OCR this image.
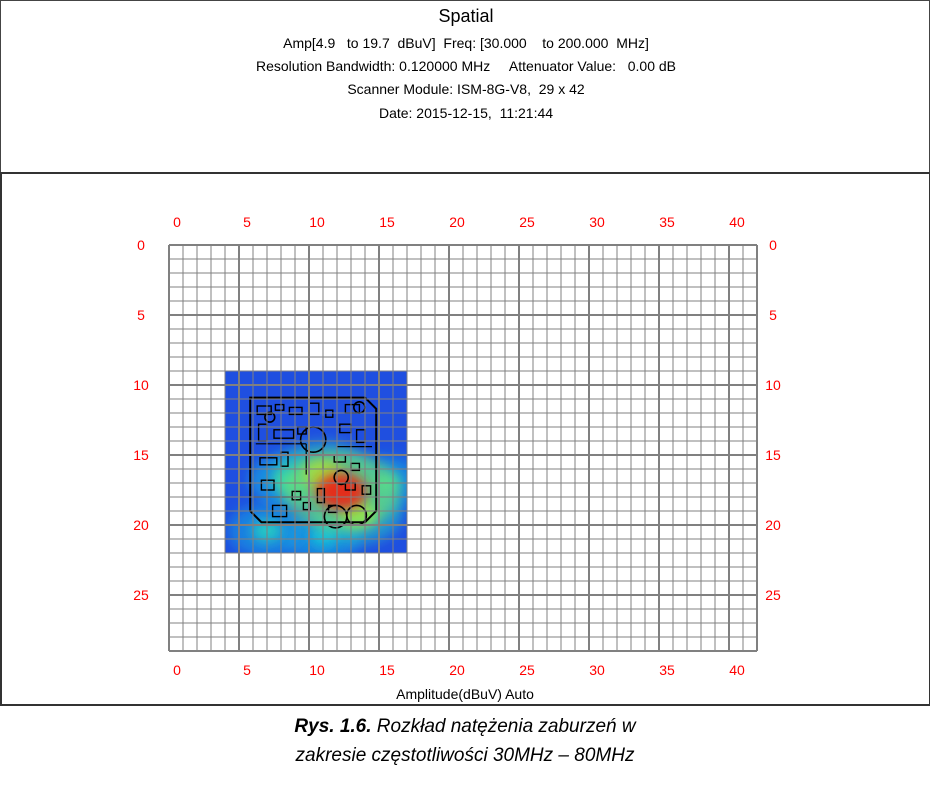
Spatial
Amp[4.9   to 19.7  dBuV]  Freq: [30.000    to 200.000  MHz]
Resolution Bandwidth: 0.120000 MHz     Attenuator Value:   0.00 dB
Scanner Module: ISM-8G-V8,  29 x 42
Date: 2015-12-15,  11:21:44
0
0
5
5
10
10
15
15
20
20
25
25
30
30
35
35
40
40
0	0
5	5
10	10
15	15
20	20
25	25
Amplitude(dBuV) Auto
Rys. 1.6. Rozkład natężenia zaburzeń w
zakresie częstotliwości 30MHz – 80MHz
